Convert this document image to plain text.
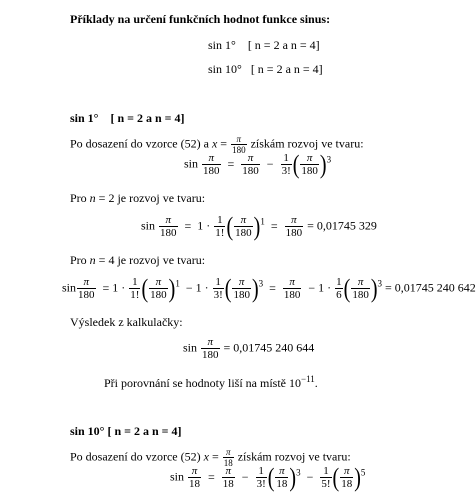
Příklady na určení funkčních hodnot funkce sinus:
sin 1° [ n = 2 a n = 4]
sin 10° [ n = 2 a n = 4]
sin 1° [ n = 2 a n = 4]
Po dosazení do vzorce (52) a $x = \frac{\pi}{180}$ získám rozvoj ve tvaru:
$\sin \frac{\pi}{180} = \frac{\pi}{180} - \frac{1}{3!}$ ( $\frac{\pi}{180} )^3$
Pro n = 2 je rozvoj ve tvaru:
$\sin \frac{\pi}{180} = 1 \cdot \frac{1}{1!}$ ( $\frac{\pi}{180} )^1 = \frac{\pi}{180} = 0,01745$ 329
Pro n = 4 je rozvoj ve tvaru:
$\sin \frac{\pi}{180} = 1 \cdot \frac{1}{1!}$ ( $\frac{\pi}{180} )^1 - 1 \cdot \frac{1}{3!}$ ( $\frac{\pi}{180} )^3 = \frac{\pi}{180} - 1 \cdot \frac{1}{6}$ ( $\frac{\pi}{180} )^3 = 0,01745$ 240 642
Výsledek z kalkulačky:
$\sin \frac{\pi}{180} = 0,01745$ 240 644
Při porovnání se hodnoty liší na místě $10^{-11}$.
sin 10° [ n = 2 a n = 4]
Po dosazení do vzorce (52) $x = \frac{\pi}{18}$ získám rozvoj ve tvaru:
$\sin \frac{\pi}{18} = \frac{\pi}{18} - \frac{1}{3!}$ ( $\frac{\pi}{18} )^3 - \frac{1}{5!}$ ( $\frac{\pi}{18} )^5$
